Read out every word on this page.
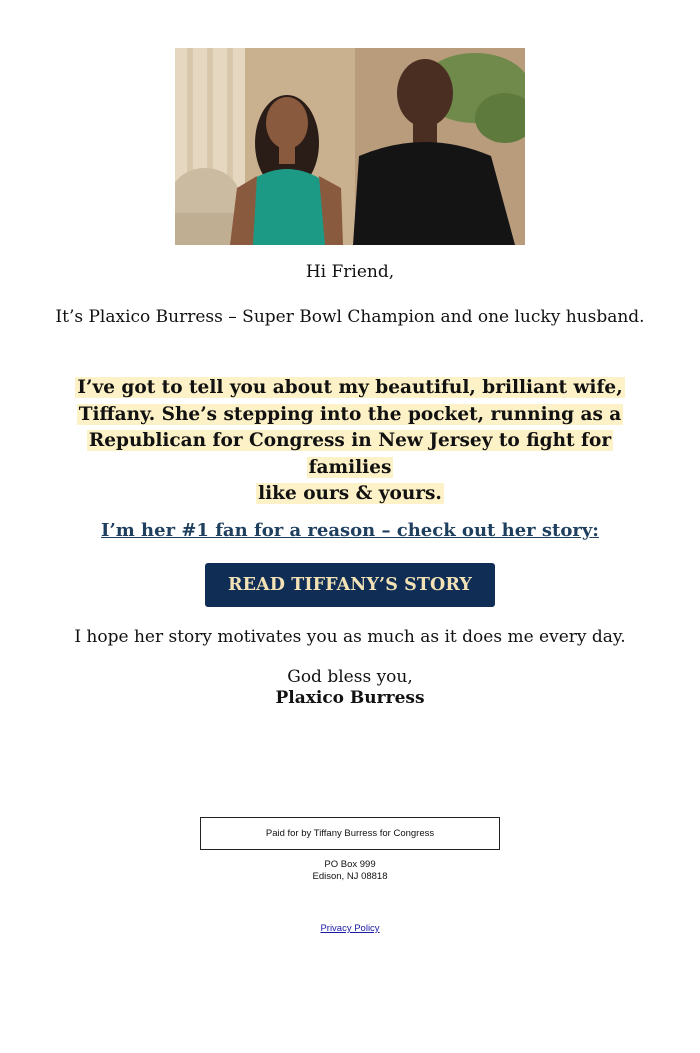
Hi Friend,
It’s Plaxico Burress – Super Bowl Champion and one lucky husband.
I’ve got to tell you about my beautiful, brilliant wife,
Tiffany. She’s stepping into the pocket, running as a
Republican for Congress in New Jersey to fight for families
like ours & yours.
I’m her #1 fan for a reason – check out her story:
READ TIFFANY’S STORY
I hope her story motivates you as much as it does me every day.
God bless you,
Plaxico Burress
Paid for by Tiffany Burress for Congress
PO Box 999
Edison, NJ 08818
Privacy Policy
